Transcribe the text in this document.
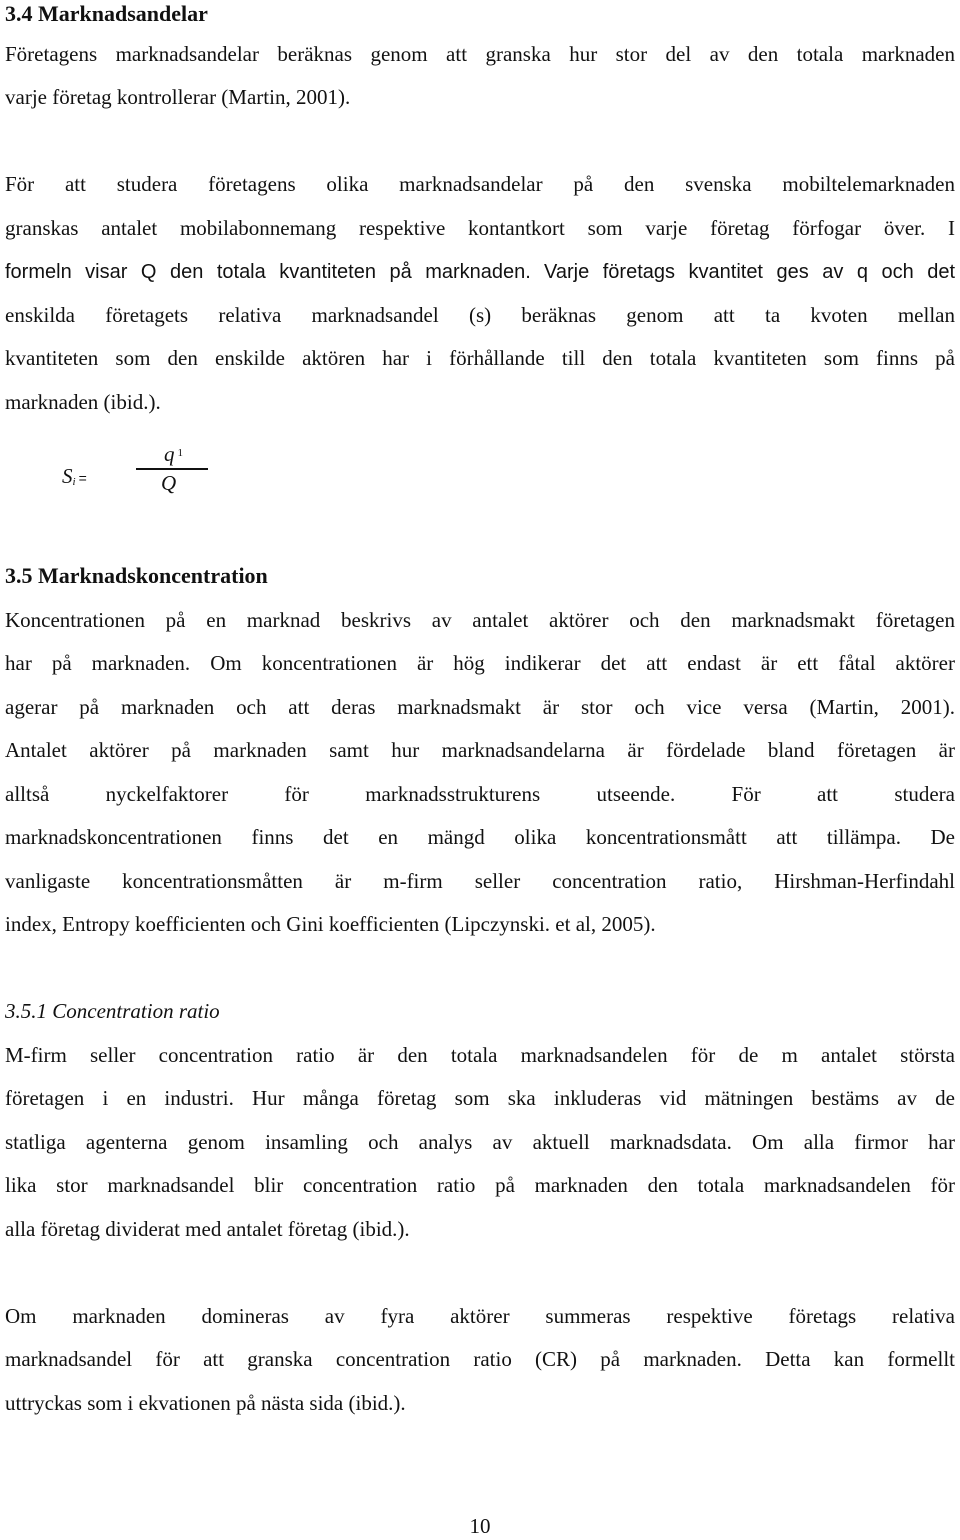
3.4 Marknadsandelar
Företagens marknadsandelar beräknas genom att granska hur stor del av den totala marknaden
varje företag kontrollerar (Martin, 2001).
För att studera företagens olika marknadsandelar på den svenska mobiltelemarknaden
granskas antalet mobilabonnemang respektive kontantkort som varje företag förfogar över. I
formeln visar Q den totala kvantiteten på marknaden. Varje företags kvantitet ges av q och det
enskilda företagets relativa marknadsandel (s) beräknas genom att ta kvoten mellan
kvantiteten som den enskilde aktören har i förhållande till den totala kvantiteten som finns på
marknaden (ibid.).
$S_i$ =
q $_1$
Q
3.5 Marknadskoncentration
Koncentrationen på en marknad beskrivs av antalet aktörer och den marknadsmakt företagen
har på marknaden. Om koncentrationen är hög indikerar det att endast är ett fåtal aktörer
agerar på marknaden och att deras marknadsmakt är stor och vice versa (Martin, 2001).
Antalet aktörer på marknaden samt hur marknadsandelarna är fördelade bland företagen är
alltså nyckelfaktorer för marknadsstrukturens utseende. För att studera
marknadskoncentrationen finns det en mängd olika koncentrationsmått att tillämpa. De
vanligaste koncentrationsmåtten är m-firm seller concentration ratio, Hirshman-Herfindahl
index, Entropy koefficienten och Gini koefficienten (Lipczynski. et al, 2005).
3.5.1 Concentration ratio
M-firm seller concentration ratio är den totala marknadsandelen för de m antalet största
företagen i en industri. Hur många företag som ska inkluderas vid mätningen bestäms av de
statliga agenterna genom insamling och analys av aktuell marknadsdata. Om alla firmor har
lika stor marknadsandel blir concentration ratio på marknaden den totala marknadsandelen för
alla företag dividerat med antalet företag (ibid.).
Om marknaden domineras av fyra aktörer summeras respektive företags relativa
marknadsandel för att granska concentration ratio (CR) på marknaden. Detta kan formellt
uttryckas som i ekvationen på nästa sida (ibid.).
10
